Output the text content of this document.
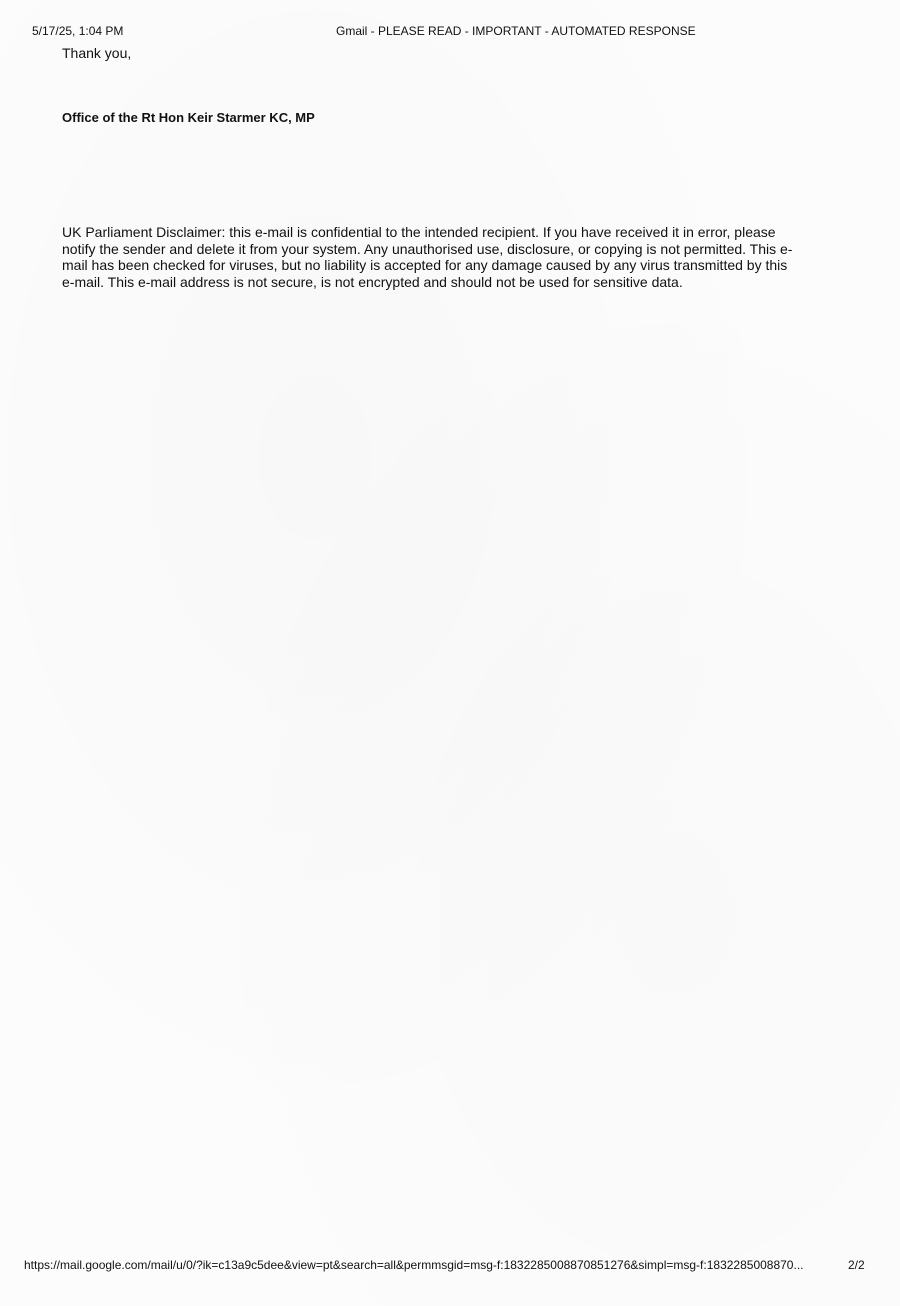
5/17/25, 1:04 PM	Gmail - PLEASE READ - IMPORTANT - AUTOMATED RESPONSE
Thank you,
Office of the Rt Hon Keir Starmer KC, MP
UK Parliament Disclaimer: this e-mail is confidential to the intended recipient. If you have received it in error, please
notify the sender and delete it from your system. Any unauthorised use, disclosure, or copying is not permitted. This e-
mail has been checked for viruses, but no liability is accepted for any damage caused by any virus transmitted by this
e-mail. This e-mail address is not secure, is not encrypted and should not be used for sensitive data.
https://mail.google.com/mail/u/0/?ik=c13a9c5dee&view=pt&search=all&permmsgid=msg-f:1832285008870851276&simpl=msg-f:1832285008870...	2/2
